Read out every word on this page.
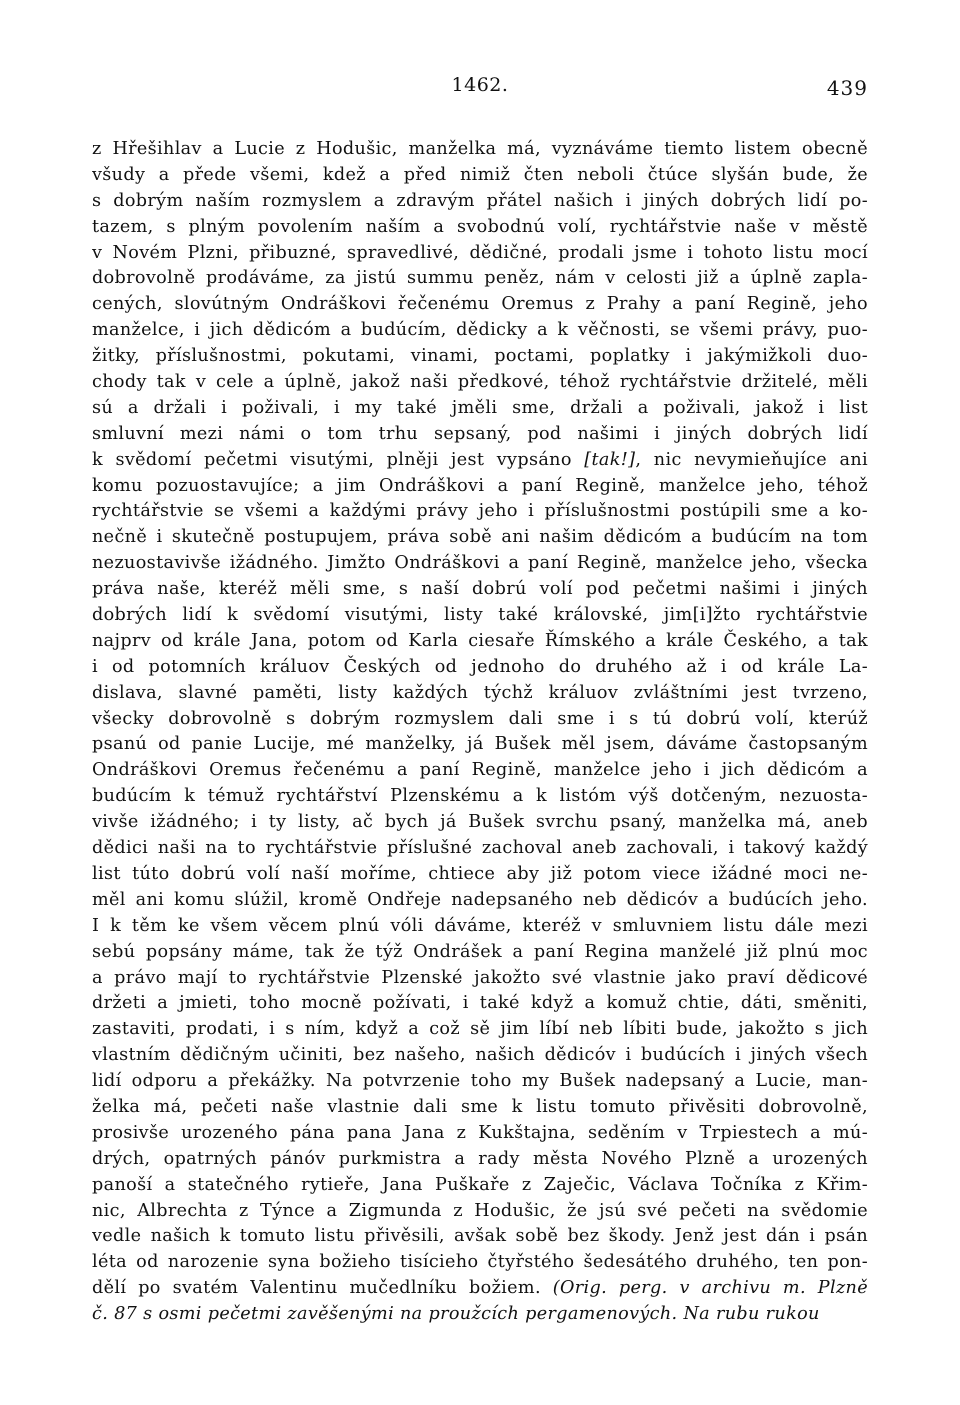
1462.	439
z Hřešihlav a Lucie z Hodušic, manželka má, vyznáváme tiemto listem obecně
všudy a přede všemi, kdež a před nimiž čten neboli čtúce slyšán bude, že
s dobrým naším rozmyslem a zdravým přátel našich i jiných dobrých lidí po-
tazem, s plným povolením naším a svobodnú volí, rychtářstvie naše v městě
v Novém Plzni, přibuzné, spravedlivé, dědičné, prodali jsme i tohoto listu mocí
dobrovolně prodáváme, za jistú summu peněz, nám v celosti již a úplně zapla-
cených, slovútným Ondráškovi řečenému Oremus z Prahy a paní Regině, jeho
manželce, i jich dědicóm a budúcím, dědicky a k věčnosti, se všemi právy, puo-
žitky, příslušnostmi, pokutami, vinami, poctami, poplatky i jakýmižkoli duo-
chody tak v cele a úplně, jakož naši předkové, téhož rychtářstvie držitelé, měli
sú a držali i poživali, i my také jměli sme, držali a poživali, jakož i list
smluvní mezi námi o tom trhu sepsaný, pod našimi i jiných dobrých lidí
k svědomí pečetmi visutými, plněji jest vypsáno [tak!], nic nevymieňujíce ani
komu pozuostavujíce; a jim Ondráškovi a paní Regině, manželce jeho, téhož
rychtářstvie se všemi a každými právy jeho i příslušnostmi postúpili sme a ko-
nečně i skutečně postupujem, práva sobě ani našim dědicóm a budúcím na tom
nezuostavivše ižádného. Jimžto Ondráškovi a paní Regině, manželce jeho, všecka
práva naše, kteréž měli sme, s naší dobrú volí pod pečetmi našimi i jiných
dobrých lidí k svědomí visutými, listy také královské, jim[i]žto rychtářstvie
najprv od krále Jana, potom od Karla ciesaře Římského a krále Českého, a tak
i od potomních králuov Českých od jednoho do druhého až i od krále La-
dislava, slavné paměti, listy každých týchž králuov zvláštními jest tvrzeno,
všecky dobrovolně s dobrým rozmyslem dali sme i s tú dobrú volí, kterúž
psanú od panie Lucije, mé manželky, já Bušek měl jsem, dáváme častopsaným
Ondráškovi Oremus řečenému a paní Regině, manželce jeho i jich dědicóm a
budúcím k témuž rychtářství Plzenskému a k listóm výš dotčeným, nezuosta-
vivše ižádného; i ty listy, ač bych já Bušek svrchu psaný, manželka má, aneb
dědici naši na to rychtářstvie příslušné zachoval aneb zachovali, i takový každý
list túto dobrú volí naší moříme, chtiece aby již potom viece ižádné moci ne-
měl ani komu slúžil, kromě Ondřeje nadepsaného neb dědicóv a budúcích jeho.
I k těm ke všem věcem plnú vóli dáváme, kteréž v smluvniem listu dále mezi
sebú popsány máme, tak že týž Ondrášek a paní Regina manželé již plnú moc
a právo mají to rychtářstvie Plzenské jakožto své vlastnie jako praví dědicové
držeti a jmieti, toho mocně požívati, i také když a komuž chtie, dáti, směniti,
zastaviti, prodati, i s ním, když a což sě jim líbí neb líbiti bude, jakožto s jich
vlastním dědičným učiniti, bez našeho, našich dědicóv i budúcích i jiných všech
lidí odporu a překážky. Na potvrzenie toho my Bušek nadepsaný a Lucie, man-
želka má, pečeti naše vlastnie dali sme k listu tomuto přivěsiti dobrovolně,
prosivše urozeného pána pana Jana z Kukštajna, seděním v Trpiestech a mú-
drých, opatrných pánóv purkmistra a rady města Nového Plzně a urozených
panoší a statečného rytieře, Jana Puškaře z Zaječic, Václava Točníka z Křim-
nic, Albrechta z Týnce a Zigmunda z Hodušic, že jsú své pečeti na svědomie
vedle našich k tomuto listu přivěsili, avšak sobě bez škody. Jenž jest dán i psán
léta od narozenie syna božieho tisícieho čtyřstého šedesátého druhého, ten pon-
dělí po svatém Valentinu mučedlníku božiem. (Orig. perg. v archivu m. Plzně
č. 87 s osmi pečetmi zavěšenými na proužcích pergamenových. Na rubu rukou
